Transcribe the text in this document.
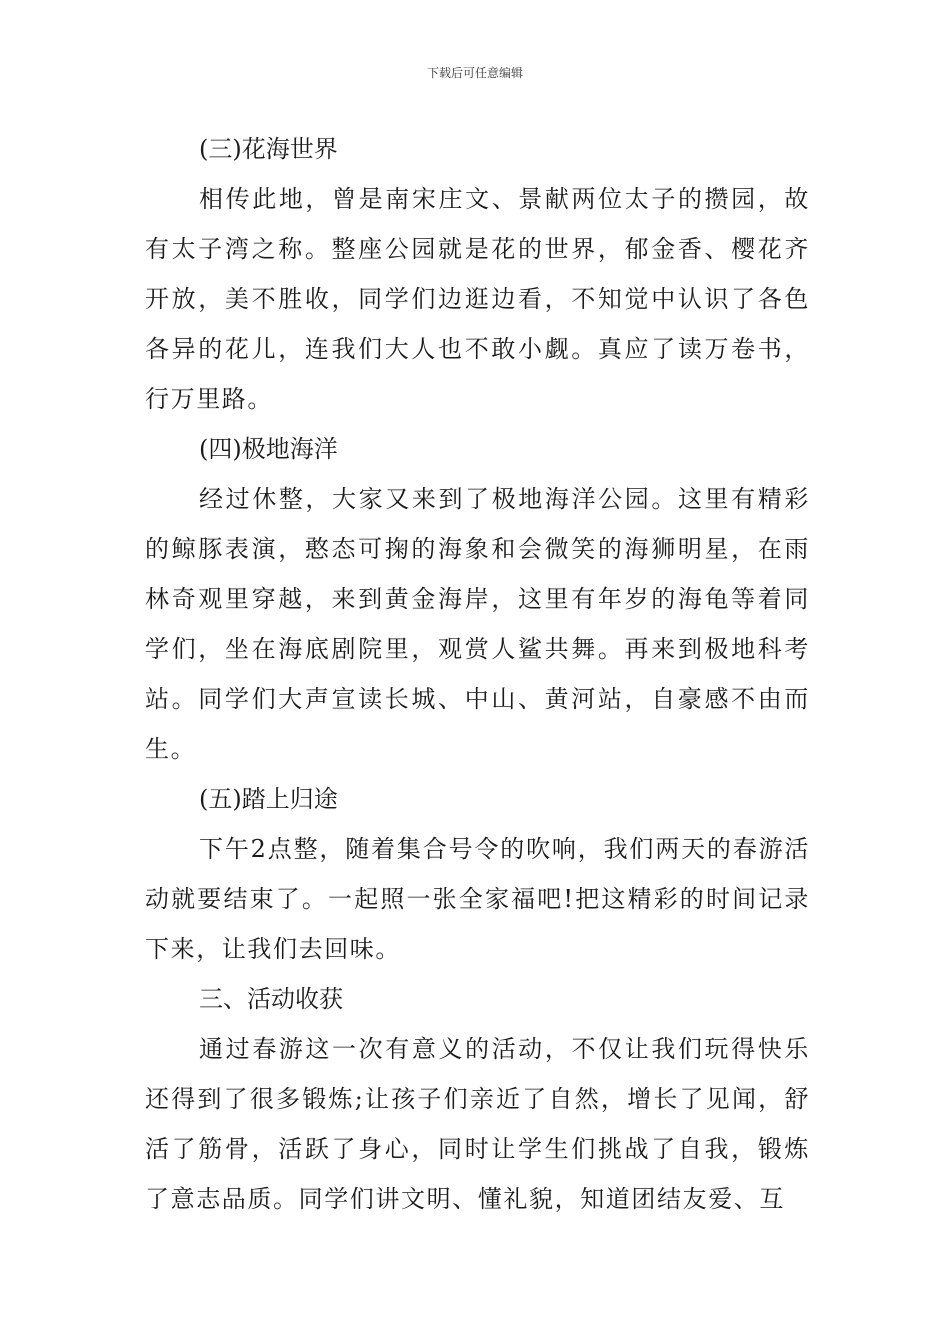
下载后可任意编辑

(三)花海世界

相传此地，曾是南宋庄文、景献两位太子的攒园，故有太子湾之称。整座公园就是花的世界，郁金香、樱花齐开放，美不胜收，同学们边逛边看，不知觉中认识了各色各异的花儿，连我们大人也不敢小觑。真应了读万卷书，行万里路。

(四)极地海洋

经过休整，大家又来到了极地海洋公园。这里有精彩的鲸豚表演，憨态可掬的海象和会微笑的海狮明星，在雨林奇观里穿越，来到黄金海岸，这里有年岁的海龟等着同学们，坐在海底剧院里，观赏人鲨共舞。再来到极地科考站。同学们大声宣读长城、中山、黄河站，自豪感不由而生。

(五)踏上归途

下午2点整，随着集合号令的吹响，我们两天的春游活动就要结束了。一起照一张全家福吧!把这精彩的时间记录下来，让我们去回味。

三、活动收获

通过春游这一次有意义的活动，不仅让我们玩得快乐还得到了很多锻炼;让孩子们亲近了自然，增长了见闻，舒活了筋骨，活跃了身心，同时让学生们挑战了自我，锻炼了意志品质。同学们讲文明、懂礼貌，知道团结友爱、互
